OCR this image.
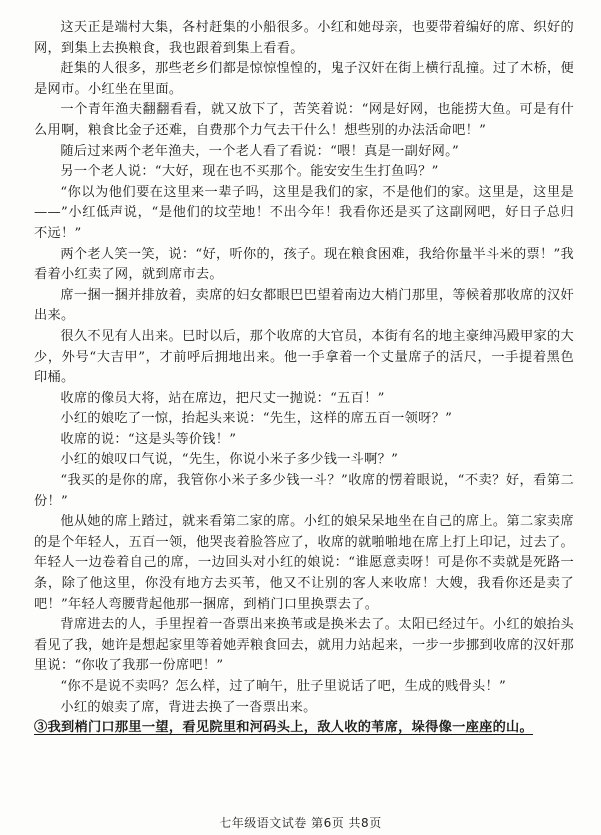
这天正是端村大集，各村赶集的小船很多。小红和她母亲，也要带着编好的席、织好的网，到集上去换粮食，我也跟着到集上看看。

赶集的人很多，那些老乡们都是惊惊惶惶的，鬼子汉奸在街上横行乱撞。过了木桥，便是网市。小红坐在里面。

一个青年渔夫翻翻看看，就又放下了，苦笑着说：“网是好网，也能捞大鱼。可是有什么用啊，粮食比金子还难，自费那个力气去干什么！想些别的办法活命吧！”

随后过来两个老年渔夫，一个老人看了看说：“喂！真是一副好网。”

另一个老人说：“大好，现在也不买那个。能安安生生打鱼吗？”

“你以为他们要在这里来一辈子吗，这里是我们的家，不是他们的家。这里是，这里是——”小红低声说，“是他们的坟茔地！不出今年！我看你还是买了这副网吧，好日子总归不远！”

两个老人笑一笑，说：“好，听你的，孩子。现在粮食困难，我给你量半斗米的票！”我看着小红卖了网，就到席市去。

席一捆一捆并排放着，卖席的妇女都眼巴巴望着南边大梢门那里，等候着那收席的汉奸出来。

很久不见有人出来。巳时以后，那个收席的大官员，本街有名的地主豪绅冯殿甲家的大少，外号“大吉甲”，才前呼后拥地出来。他一手拿着一个丈量席子的活尺，一手提着黑色印桶。

收席的像员大将，站在席边，把尺丈一抛说：“五百！”

小红的娘吃了一惊，抬起头来说：“先生，这样的席五百一领呀？”

收席的说：“这是头等价钱！”

小红的娘叹口气说，“先生，你说小米子多少钱一斗啊？”

“我买的是你的席，我管你小米子多少钱一斗？”收席的愣着眼说，“不卖？好，看第二份！”

他从她的席上踏过，就来看第二家的席。小红的娘呆呆地坐在自己的席上。第二家卖席的是个年轻人，五百一领，他哭丧着脸答应了，收席的就啪啪地在席上打上印记，过去了。年轻人一边卷着自己的席，一边回头对小红的娘说：“谁愿意卖呀！可是你不卖就是死路一条，除了他这里，你没有地方去买苇，他又不让别的客人来收席！大嫂，我看你还是卖了吧！”年轻人弯腰背起他那一捆席，到梢门口里换票去了。

背席进去的人，手里捏着一沓票出来换苇或是换米去了。太阳已经过午。小红的娘抬头看见了我，她许是想起家里等着她弄粮食回去，就用力站起来，一步一步挪到收席的汉奸那里说：“你收了我那一份席吧！”

“你不是说不卖吗？怎么样，过了晌午，肚子里说话了吧，生成的贱骨头！”

小红的娘卖了席，背进去换了一沓票出来。

③我到梢门口那里一望，看见院里和河码头上，敌人收的苇席，垛得像一座座的山。

七年级语文试卷 第6页 共8页
